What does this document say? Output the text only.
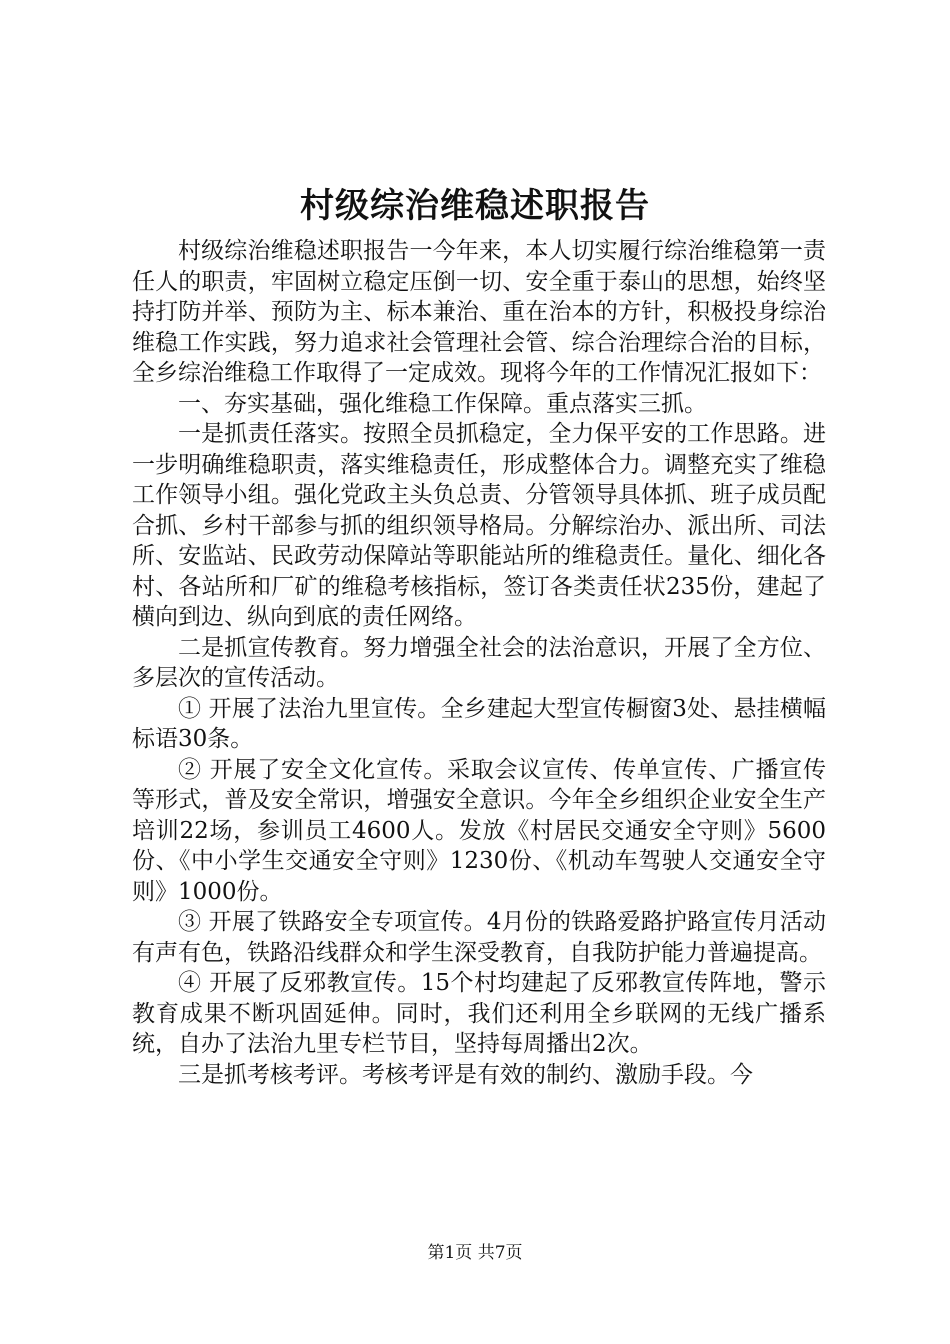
村级综治维稳述职报告

村级综治维稳述职报告一今年来，本人切实履行综治维稳第一责任人的职责，牢固树立稳定压倒一切、安全重于泰山的思想，始终坚持打防并举、预防为主、标本兼治、重在治本的方针，积极投身综治维稳工作实践，努力追求社会管理社会管、综合治理综合治的目标，全乡综治维稳工作取得了一定成效。现将今年的工作情况汇报如下：

一、夯实基础，强化维稳工作保障。重点落实三抓。

一是抓责任落实。按照全员抓稳定，全力保平安的工作思路。进一步明确维稳职责，落实维稳责任，形成整体合力。调整充实了维稳工作领导小组。强化党政主头负总责、分管领导具体抓、班子成员配合抓、乡村干部参与抓的组织领导格局。分解综治办、派出所、司法所、安监站、民政劳动保障站等职能站所的维稳责任。量化、细化各村、各站所和厂矿的维稳考核指标，签订各类责任状235份，建起了横向到边、纵向到底的责任网络。

二是抓宣传教育。努力增强全社会的法治意识，开展了全方位、多层次的宣传活动。

① 开展了法治九里宣传。全乡建起大型宣传橱窗3处、悬挂横幅标语30条。

② 开展了安全文化宣传。采取会议宣传、传单宣传、广播宣传等形式，普及安全常识，增强安全意识。今年全乡组织企业安全生产培训22场，参训员工4600人。发放《村居民交通安全守则》5600份、《中小学生交通安全守则》1230份、《机动车驾驶人交通安全守则》1000份。

③ 开展了铁路安全专项宣传。4月份的铁路爱路护路宣传月活动有声有色，铁路沿线群众和学生深受教育，自我防护能力普遍提高。

④ 开展了反邪教宣传。15个村均建起了反邪教宣传阵地，警示教育成果不断巩固延伸。同时，我们还利用全乡联网的无线广播系统，自办了法治九里专栏节目，坚持每周播出2次。

三是抓考核考评。考核考评是有效的制约、激励手段。今

第1页 共7页
